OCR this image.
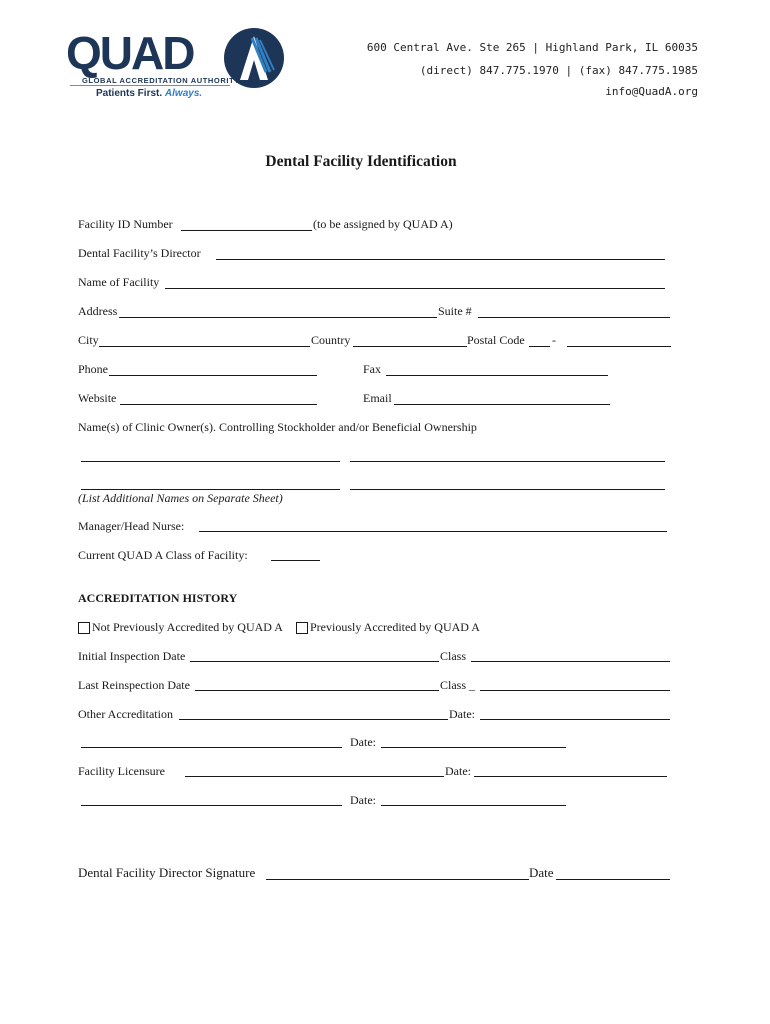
QUAD
GLOBAL ACCREDITATION AUTHORITY
Patients First. Always.
600 Central Ave. Ste 265 | Highland Park, IL 60035
(direct) 847.775.1970 | (fax) 847.775.1985
info@QuadA.org
Dental Facility Identification
Facility ID Number	(to be assigned by QUAD A)
Dental Facility’s Director
Name of Facility
Address	Suite #
City	Country	Postal Code -
Phone	Fax
Website	Email
Name(s) of Clinic Owner(s). Controlling Stockholder and/or Beneficial Ownership
(List Additional Names on Separate Sheet)
Manager/Head Nurse:
Current QUAD A Class of Facility:
ACCREDITATION HISTORY
Not Previously Accredited by QUAD A Previously Accredited by QUAD A
Initial Inspection Date	Class
Last Reinspection Date	Class _
Other Accreditation	Date:
Date:
Facility Licensure	Date:
Date:
Dental Facility Director Signature	Date
